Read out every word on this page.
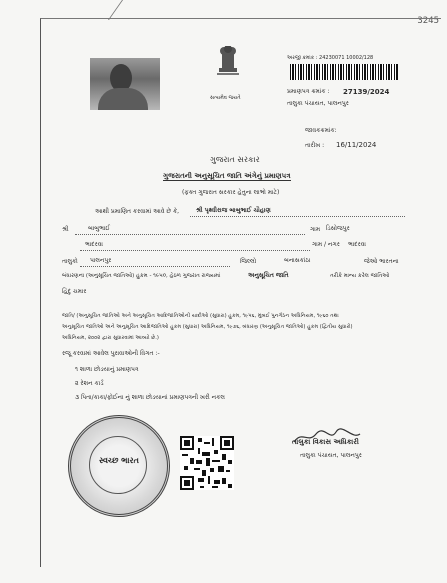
3245
સત્યમેવ જયતે
અરજી ક્રમાંક : 24230071 10002/128
પ્રમાણપત્ર ક્રમાંક : 27139/2024
તાલુકા પંચાયત, પાલનપુર
જાવકક્રમાંક:
તારીખ : 16/11/2024
ગુજરાત સરકાર
ગુજરાતની અનુસૂચિત જાતિ અંગેનું પ્રમાણપત્ર
(ફક્ત ગુજરાત સરકાર હેતુના લાભો માટે)
આથી પ્રમાણિત કરવામાં આવે છે કે,	શ્રી પૃથ્વીરાજ બાબુભાઈ ચૌહાણ
શ્રી	બાબુભાઈ	ગામ ડિસોજપુર
ભાદરવા	ગામ / નગર ભાદરવા
તાલુકો પાલનપુર	જિલ્લો	બનાસકાંઠા	જેઓ ભારતના
બંધારણના (અનુસૂચિત જાતિઓ) હુકમ - ૧૯૫૦, હેઠળ ગુજરાત રાજ્યમાં	અનુસૂચિત જાતિ	તરીકે માન્ય કરેલ જાતિઓ
હિંદુ ચમાર
જાતિ/ (અનુસૂચિત જાતિઓ અને અનુસૂચિત આદિજાતિઓની યાદીઓ (સુધારા) હુકમ, ૧૯૫૬, મુંબઈ પુનર્ગઠન અધિનિયમ, ૧૯૬૦ તથા
અનુસૂચિત જાતિઓ અને અનુસૂચિત આદિજાતિઓ હુકમ (સુધારા) અધિનિયમ, ૧૯૭૬, બંધારણ (અનુસૂચિત જાતિઓ) હુકમ (દ્વિતીય સુધારો)
અધિનિયમ, ૨૦૦૨ દ્વારા સુધારવામાં આવ્યો છે.)
રજૂ કરવામાં આવેલ પુરાવાઓની વિગત :-
૧ શાળા છોડયાનું પ્રમાણપત્ર
૨ રેશન કાર્ડ
૩ પિતા/કાકા/ફોઈના નું શાળા છોડયાનાં પ્રમાણપત્રની ખરી નકલ
સ્વચ્છ ભારત
તાલુકા વિકાસ અધિકારી
તાલુકા પંચાયત, પાલનપુર
